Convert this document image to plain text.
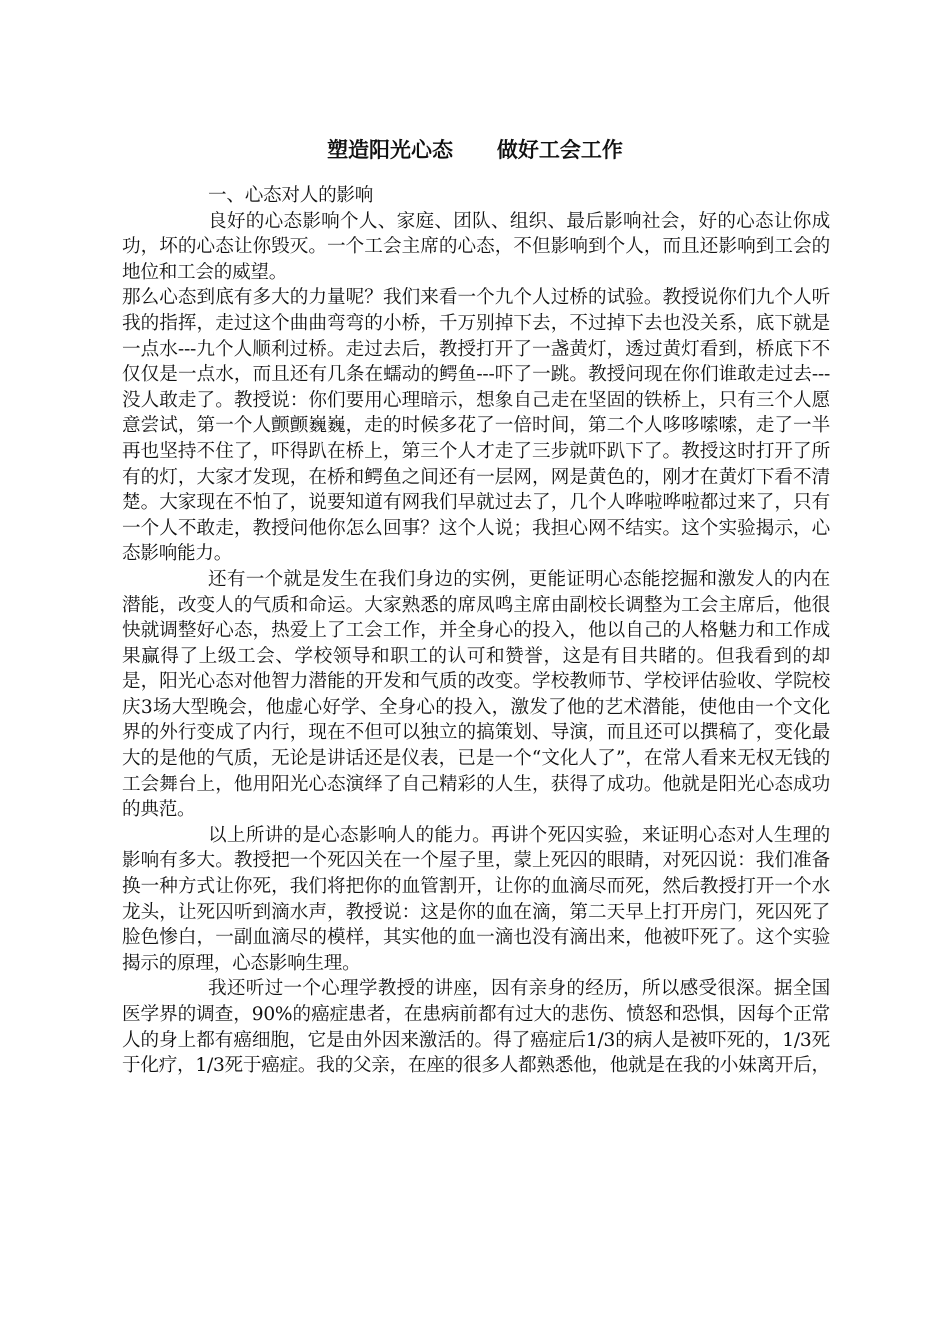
塑造阳光心态      做好工会工作

一、心态对人的影响

良好的心态影响个人、家庭、团队、组织、最后影响社会，好的心态让你成功，坏的心态让你毁灭。一个工会主席的心态，不但影响到个人，而且还影响到工会的地位和工会的威望。

那么心态到底有多大的力量呢？我们来看一个九个人过桥的试验。教授说你们九个人听我的指挥，走过这个曲曲弯弯的小桥，千万别掉下去，不过掉下去也没关系，底下就是一点水---九个人顺利过桥。走过去后，教授打开了一盏黄灯，透过黄灯看到，桥底下不仅仅是一点水，而且还有几条在蠕动的鳄鱼---吓了一跳。教授问现在你们谁敢走过去---没人敢走了。教授说：你们要用心理暗示，想象自己走在坚固的铁桥上，只有三个人愿意尝试，第一个人颤颤巍巍，走的时候多花了一倍时间，第二个人哆哆嗦嗦，走了一半再也坚持不住了，吓得趴在桥上，第三个人才走了三步就吓趴下了。教授这时打开了所有的灯，大家才发现，在桥和鳄鱼之间还有一层网，网是黄色的，刚才在黄灯下看不清楚。大家现在不怕了，说要知道有网我们早就过去了，几个人哗啦哗啦都过来了，只有一个人不敢走，教授问他你怎么回事？这个人说；我担心网不结实。这个实验揭示，心态影响能力。

还有一个就是发生在我们身边的实例，更能证明心态能挖掘和激发人的内在潜能，改变人的气质和命运。大家熟悉的席凤鸣主席由副校长调整为工会主席后，他很快就调整好心态，热爱上了工会工作，并全身心的投入，他以自己的人格魅力和工作成果赢得了上级工会、学校领导和职工的认可和赞誉，这是有目共睹的。但我看到的却是，阳光心态对他智力潜能的开发和气质的改变。学校教师节、学校评估验收、学院校庆3场大型晚会，他虚心好学、全身心的投入，激发了他的艺术潜能，使他由一个文化界的外行变成了内行，现在不但可以独立的搞策划、导演，而且还可以撰稿了，变化最大的是他的气质，无论是讲话还是仪表，已是一个“文化人了”，在常人看来无权无钱的工会舞台上，他用阳光心态演绎了自己精彩的人生，获得了成功。他就是阳光心态成功的典范。

以上所讲的是心态影响人的能力。再讲个死囚实验，来证明心态对人生理的影响有多大。教授把一个死囚关在一个屋子里，蒙上死囚的眼睛，对死囚说：我们准备换一种方式让你死，我们将把你的血管割开，让你的血滴尽而死，然后教授打开一个水龙头，让死囚听到滴水声，教授说：这是你的血在滴，第二天早上打开房门，死囚死了脸色惨白，一副血滴尽的模样，其实他的血一滴也没有滴出来，他被吓死了。这个实验揭示的原理，心态影响生理。

我还听过一个心理学教授的讲座，因有亲身的经历，所以感受很深。据全国医学界的调查，90%的癌症患者，在患病前都有过大的悲伤、愤怒和恐惧，因每个正常人的身上都有癌细胞，它是由外因来激活的。得了癌症后1/3的病人是被吓死的，1/3死于化疗，1/3死于癌症。我的父亲，在座的很多人都熟悉他，他就是在我的小妹离开后，
